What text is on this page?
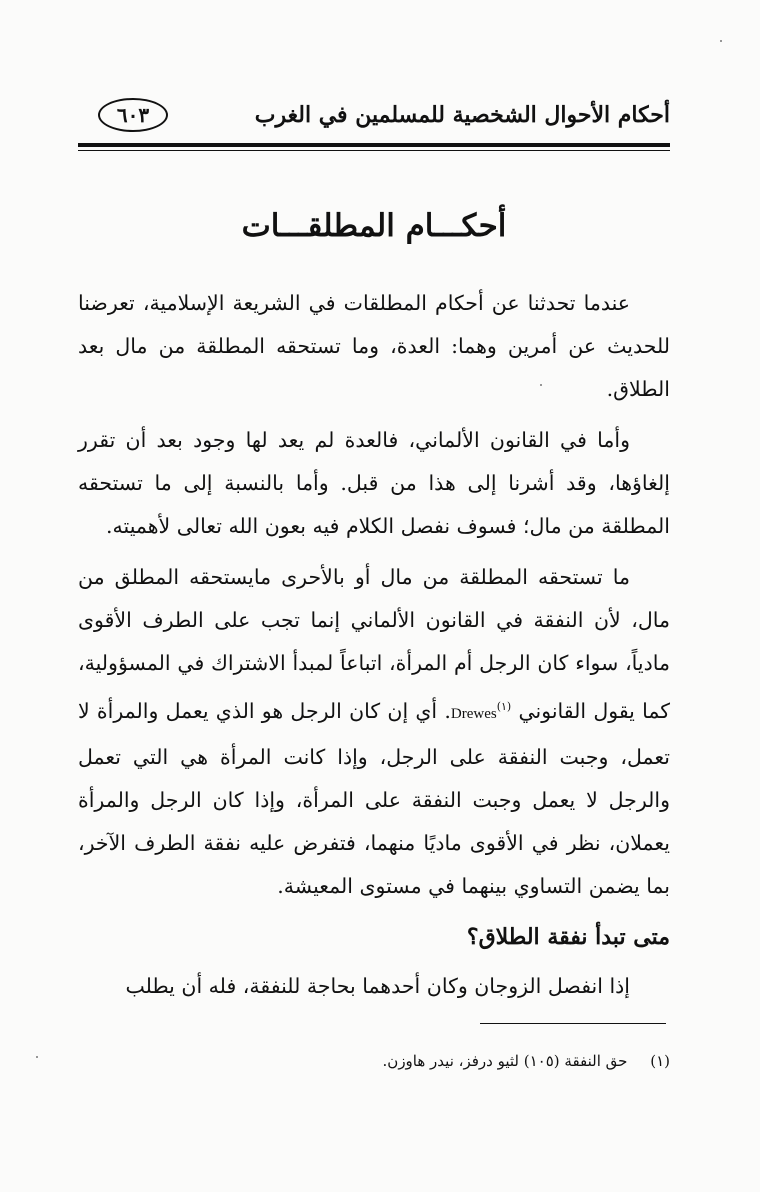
أحكام الأحوال الشخصية للمسلمين في الغرب
٦٠٣
أحكـــام المطلقـــات

عندما تحدثنا عن أحكام المطلقات في الشريعة الإسلامية، تعرضنا للحديث عن أمرين وهما: العدة، وما تستحقه المطلقة من مال بعد الطلاق.

وأما في القانون الألماني، فالعدة لم يعد لها وجود بعد أن تقرر إلغاؤها، وقد أشرنا إلى هذا من قبل. وأما بالنسبة إلى ما تستحقه المطلقة من مال؛ فسوف نفصل الكلام فيه بعون الله تعالى لأهميته.

ما تستحقه المطلقة من مال أو بالأحرى مايستحقه المطلق من مال، لأن النفقة في القانون الألماني إنما تجب على الطرف الأقوى مادياً، سواء كان الرجل أم المرأة، اتباعاً لمبدأ الاشتراك في المسؤولية، كما يقول القانوني $^{(١)}$Drewes. أي إن كان الرجل هو الذي يعمل والمرأة لا تعمل، وجبت النفقة على الرجل، وإذا كانت المرأة هي التي تعمل والرجل لا يعمل وجبت النفقة على المرأة، وإذا كان الرجل والمرأة يعملان، نظر في الأقوى ماديًا منهما، فتفرض عليه نفقة الطرف الآخر، بما يضمن التساوي بينهما في مستوى المعيشة.

متى تبدأ نفقة الطلاق؟

إذا انفصل الزوجان وكان أحدهما بحاجة للنفقة، فله أن يطلب

(١) حق النفقة (١٠٥) لثيو درفز، نيدر هاوزن.
